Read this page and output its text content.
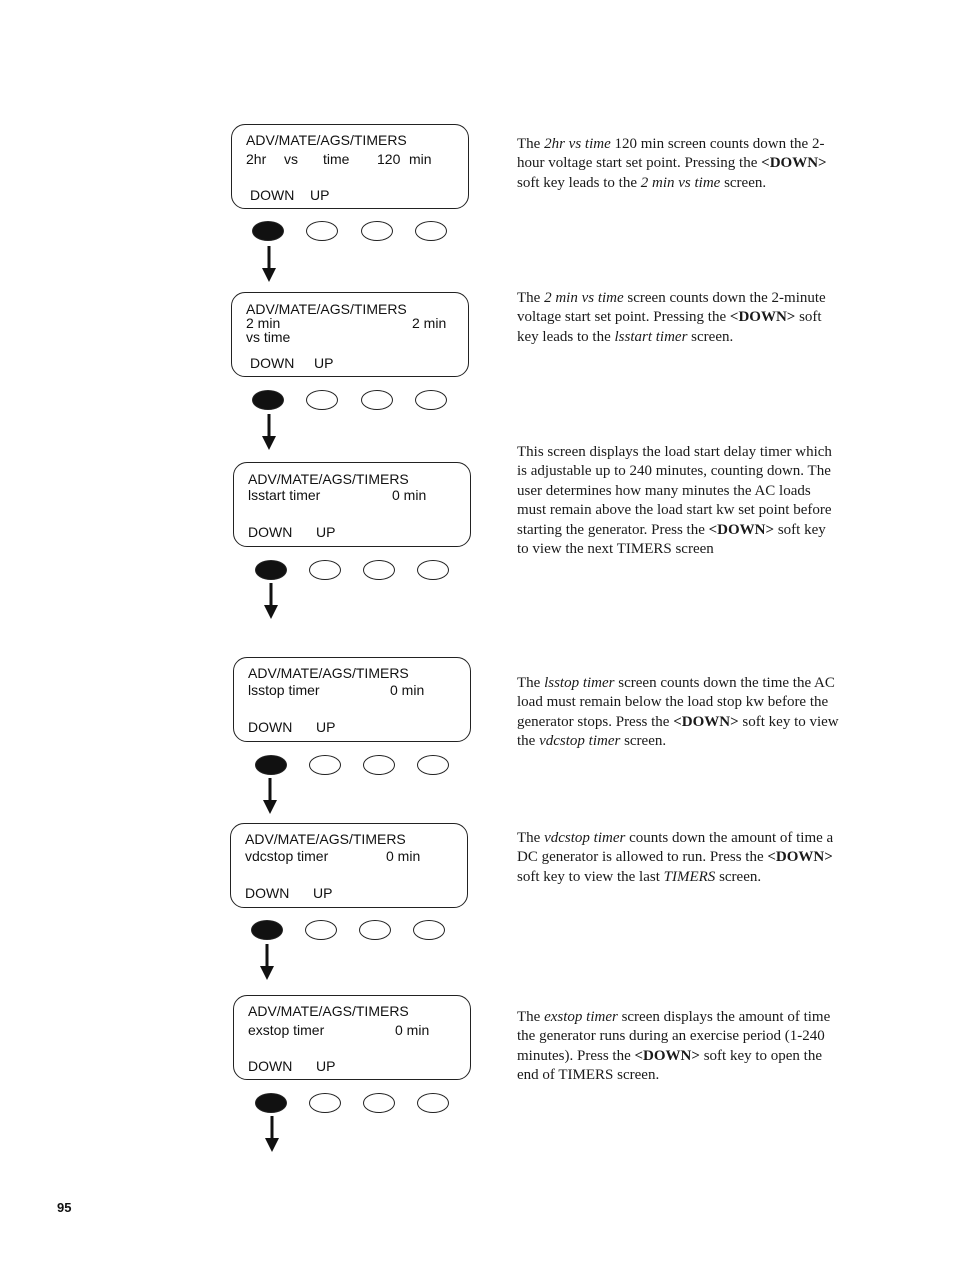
ADV/MATE/AGS/TIMERS
2hr vs time 120 min
DOWN UP
The 2hr vs time 120 min screen counts down the 2-hour voltage start set point. Pressing the <DOWN> soft key leads to the 2 min vs time screen.
ADV/MATE/AGS/TIMERS
2 min	2 min
vs time
DOWN UP
The 2 min vs time screen counts down the 2-minute voltage start set point. Pressing the <DOWN> soft key leads to the lsstart timer screen.
ADV/MATE/AGS/TIMERS
lsstart timer	0 min
DOWN UP
This screen displays the load start delay timer which is adjustable up to 240 minutes, counting down. The user determines how many minutes the AC loads must remain above the load start kw set point before starting the generator. Press the <DOWN> soft key to view the next TIMERS screen
ADV/MATE/AGS/TIMERS
lsstop timer	0 min
DOWN UP
The lsstop timer screen counts down the time the AC load must remain below the load stop kw before the generator stops. Press the <DOWN> soft key to view the vdcstop timer screen.
ADV/MATE/AGS/TIMERS
vdcstop timer	0 min
DOWN UP
The vdcstop timer counts down the amount of time a DC generator is allowed to run. Press the <DOWN> soft key to view the last TIMERS screen.
ADV/MATE/AGS/TIMERS
exstop timer	0 min
DOWN UP
The exstop timer screen displays the amount of time the generator runs during an exercise period (1-240 minutes). Press the <DOWN> soft key to open the end of TIMERS screen.
95
